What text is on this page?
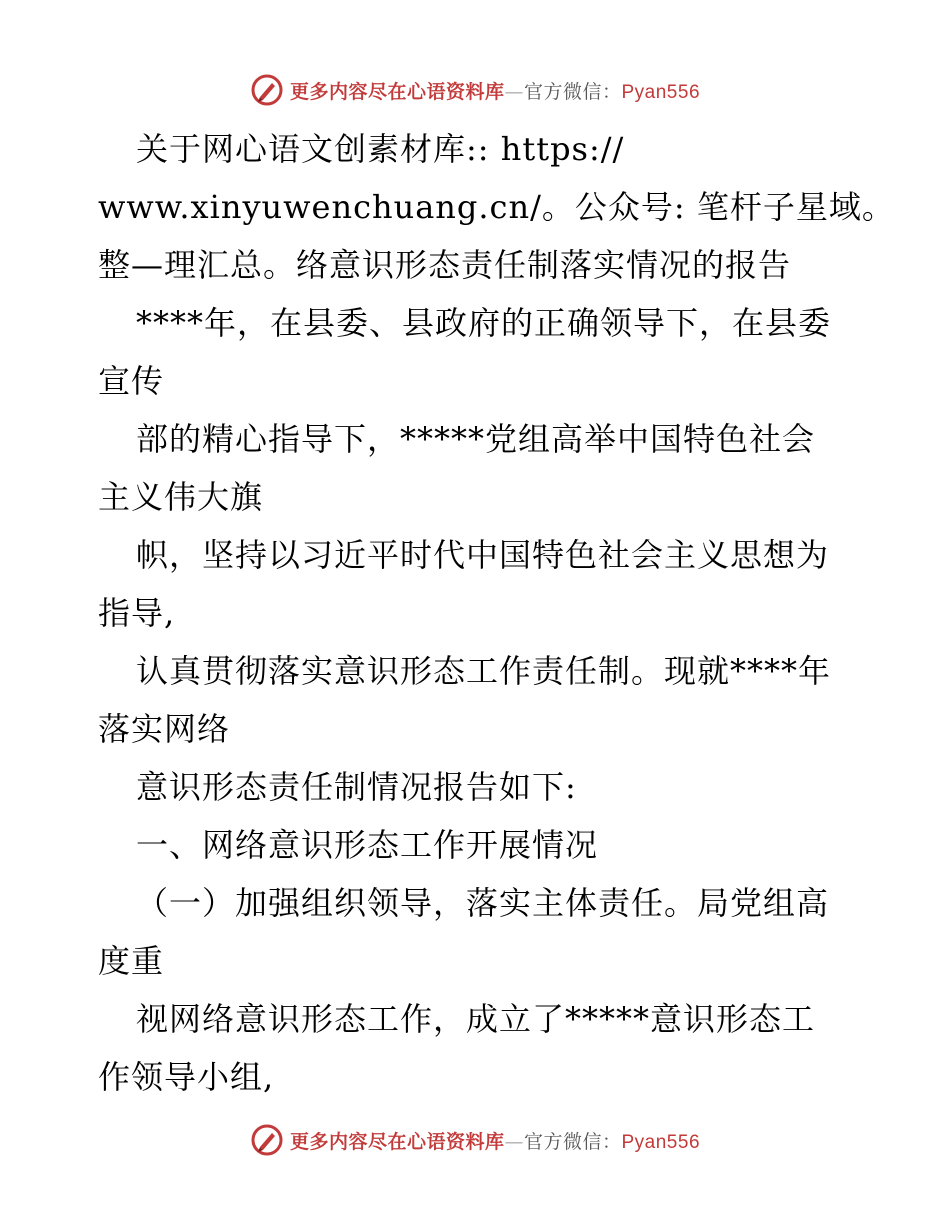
更多内容尽在心语资料库—官方微信：Pyan556
关于网心语文创素材库:: https://
www.xinyuwenchuang.cn/。公众号: 笔杆子星域。
整—理汇总。络意识形态责任制落实情况的报告
****年，在县委、县政府的正确领导下，在县委
宣传
部的精心指导下，*****党组高举中国特色社会
主义伟大旗
帜，坚持以习近平时代中国特色社会主义思想为
指导,
认真贯彻落实意识形态工作责任制。现就****年
落实网络
意识形态责任制情况报告如下:
一、网络意识形态工作开展情况
（一）加强组织领导，落实主体责任。局党组高
度重
视网络意识形态工作，成立了*****意识形态工
作领导小组,
更多内容尽在心语资料库—官方微信：Pyan556
